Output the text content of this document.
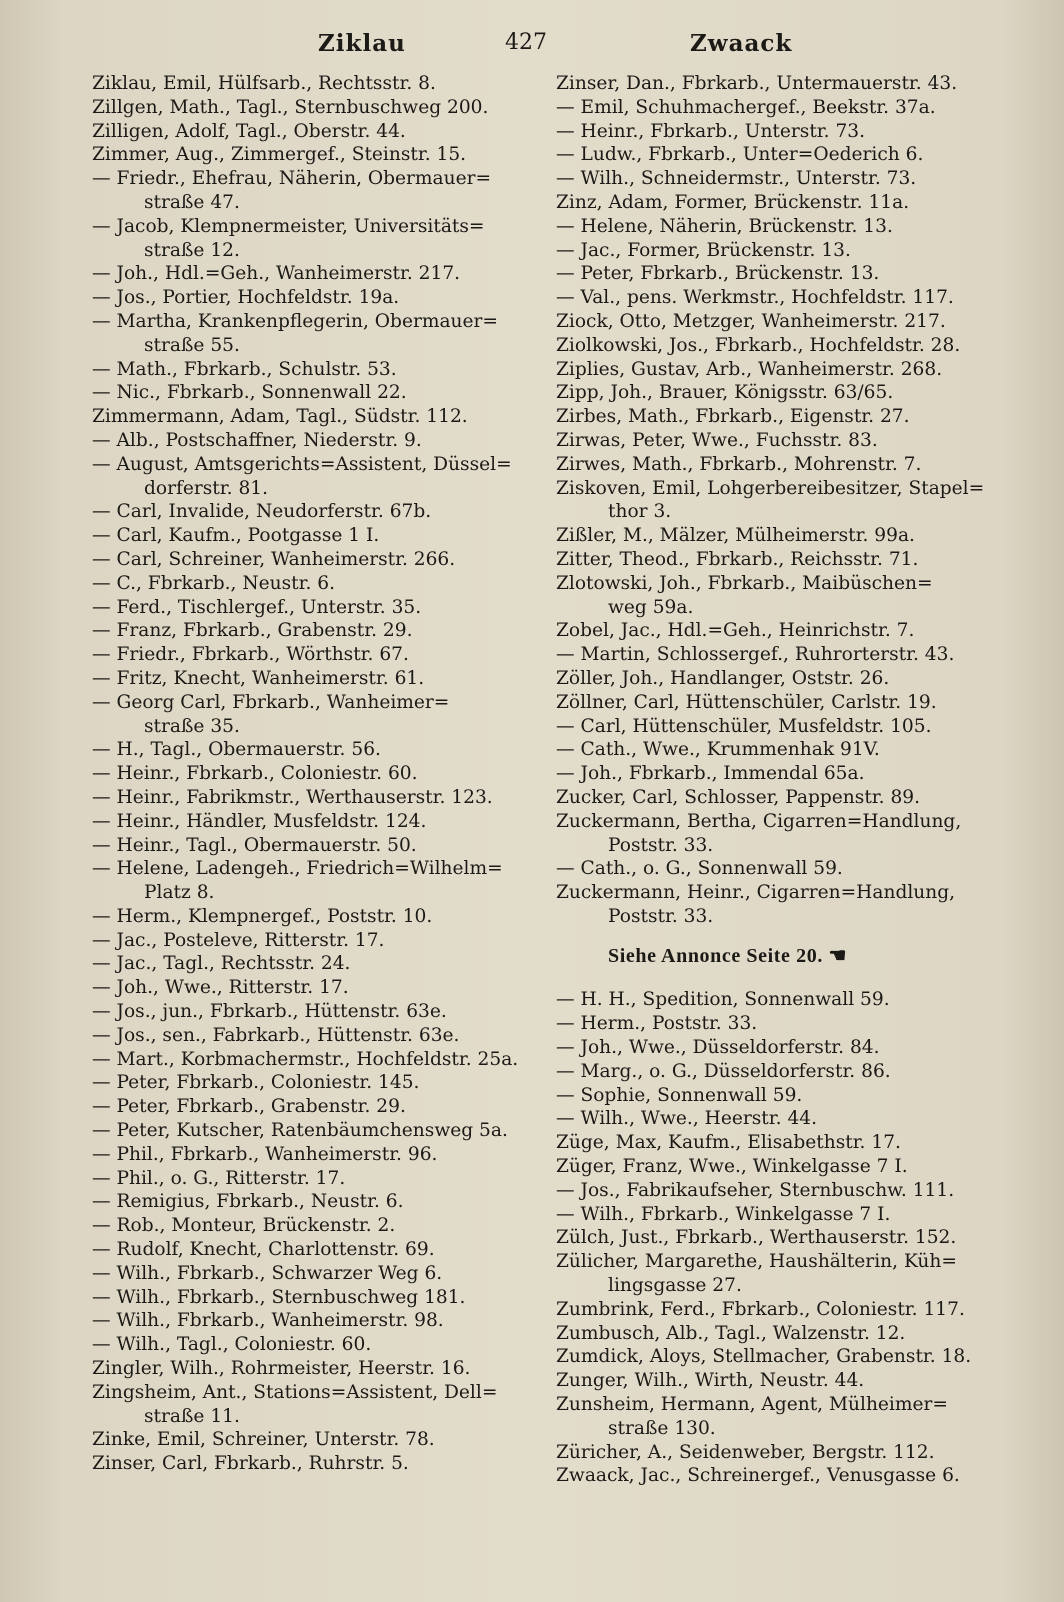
Ziklau	427	Zwaack
Ziklau, Emil, Hülfsarb., Rechtsstr. 8.
Zillgen, Math., Tagl., Sternbuschweg 200.
Zilligen, Adolf, Tagl., Oberstr. 44.
Zimmer, Aug., Zimmergef., Steinstr. 15.
— Friedr., Ehefrau, Näherin, Obermauer=
straße 47.
— Jacob, Klempnermeister, Universitäts=
straße 12.
— Joh., Hdl.=Geh., Wanheimerstr. 217.
— Jos., Portier, Hochfeldstr. 19a.
— Martha, Krankenpflegerin, Obermauer=
straße 55.
— Math., Fbrkarb., Schulstr. 53.
— Nic., Fbrkarb., Sonnenwall 22.
Zimmermann, Adam, Tagl., Südstr. 112.
— Alb., Postschaffner, Niederstr. 9.
— August, Amtsgerichts=Assistent, Düssel=
dorferstr. 81.
— Carl, Invalide, Neudorferstr. 67b.
— Carl, Kaufm., Pootgasse 1 I.
— Carl, Schreiner, Wanheimerstr. 266.
— C., Fbrkarb., Neustr. 6.
— Ferd., Tischlergef., Unterstr. 35.
— Franz, Fbrkarb., Grabenstr. 29.
— Friedr., Fbrkarb., Wörthstr. 67.
— Fritz, Knecht, Wanheimerstr. 61.
— Georg Carl, Fbrkarb., Wanheimer=
straße 35.
— H., Tagl., Obermauerstr. 56.
— Heinr., Fbrkarb., Coloniestr. 60.
— Heinr., Fabrikmstr., Werthauserstr. 123.
— Heinr., Händler, Musfeldstr. 124.
— Heinr., Tagl., Obermauerstr. 50.
— Helene, Ladengeh., Friedrich=Wilhelm=
Platz 8.
— Herm., Klempnergef., Poststr. 10.
— Jac., Posteleve, Ritterstr. 17.
— Jac., Tagl., Rechtsstr. 24.
— Joh., Wwe., Ritterstr. 17.
— Jos., jun., Fbrkarb., Hüttenstr. 63e.
— Jos., sen., Fabrkarb., Hüttenstr. 63e.
— Mart., Korbmachermstr., Hochfeldstr. 25a.
— Peter, Fbrkarb., Coloniestr. 145.
— Peter, Fbrkarb., Grabenstr. 29.
— Peter, Kutscher, Ratenbäumchensweg 5a.
— Phil., Fbrkarb., Wanheimerstr. 96.
— Phil., o. G., Ritterstr. 17.
— Remigius, Fbrkarb., Neustr. 6.
— Rob., Monteur, Brückenstr. 2.
— Rudolf, Knecht, Charlottenstr. 69.
— Wilh., Fbrkarb., Schwarzer Weg 6.
— Wilh., Fbrkarb., Sternbuschweg 181.
— Wilh., Fbrkarb., Wanheimerstr. 98.
— Wilh., Tagl., Coloniestr. 60.
Zingler, Wilh., Rohrmeister, Heerstr. 16.
Zingsheim, Ant., Stations=Assistent, Dell=
straße 11.
Zinke, Emil, Schreiner, Unterstr. 78.
Zinser, Carl, Fbrkarb., Ruhrstr. 5.
Zinser, Dan., Fbrkarb., Untermauerstr. 43.
— Emil, Schuhmachergef., Beekstr. 37a.
— Heinr., Fbrkarb., Unterstr. 73.
— Ludw., Fbrkarb., Unter=Oederich 6.
— Wilh., Schneidermstr., Unterstr. 73.
Zinz, Adam, Former, Brückenstr. 11a.
— Helene, Näherin, Brückenstr. 13.
— Jac., Former, Brückenstr. 13.
— Peter, Fbrkarb., Brückenstr. 13.
— Val., pens. Werkmstr., Hochfeldstr. 117.
Ziock, Otto, Metzger, Wanheimerstr. 217.
Ziolkowski, Jos., Fbrkarb., Hochfeldstr. 28.
Ziplies, Gustav, Arb., Wanheimerstr. 268.
Zipp, Joh., Brauer, Königsstr. 63/65.
Zirbes, Math., Fbrkarb., Eigenstr. 27.
Zirwas, Peter, Wwe., Fuchsstr. 83.
Zirwes, Math., Fbrkarb., Mohrenstr. 7.
Ziskoven, Emil, Lohgerbereibesitzer, Stapel=
thor 3.
Zißler, M., Mälzer, Mülheimerstr. 99a.
Zitter, Theod., Fbrkarb., Reichsstr. 71.
Zlotowski, Joh., Fbrkarb., Maibüschen=
weg 59a.
Zobel, Jac., Hdl.=Geh., Heinrichstr. 7.
— Martin, Schlossergef., Ruhrorterstr. 43.
Zöller, Joh., Handlanger, Oststr. 26.
Zöllner, Carl, Hüttenschüler, Carlstr. 19.
— Carl, Hüttenschüler, Musfeldstr. 105.
— Cath., Wwe., Krummenhak 91V.
— Joh., Fbrkarb., Immendal 65a.
Zucker, Carl, Schlosser, Pappenstr. 89.
Zuckermann, Bertha, Cigarren=Handlung,
Poststr. 33.
— Cath., o. G., Sonnenwall 59.
Zuckermann, Heinr., Cigarren=Handlung,
Poststr. 33.
Siehe Annonce Seite 20. ☚
— H. H., Spedition, Sonnenwall 59.
— Herm., Poststr. 33.
— Joh., Wwe., Düsseldorferstr. 84.
— Marg., o. G., Düsseldorferstr. 86.
— Sophie, Sonnenwall 59.
— Wilh., Wwe., Heerstr. 44.
Züge, Max, Kaufm., Elisabethstr. 17.
Züger, Franz, Wwe., Winkelgasse 7 I.
— Jos., Fabrikaufseher, Sternbuschw. 111.
— Wilh., Fbrkarb., Winkelgasse 7 I.
Zülch, Just., Fbrkarb., Werthauserstr. 152.
Zülicher, Margarethe, Haushälterin, Küh=
lingsgasse 27.
Zumbrink, Ferd., Fbrkarb., Coloniestr. 117.
Zumbusch, Alb., Tagl., Walzenstr. 12.
Zumdick, Aloys, Stellmacher, Grabenstr. 18.
Zunger, Wilh., Wirth, Neustr. 44.
Zunsheim, Hermann, Agent, Mülheimer=
straße 130.
Züricher, A., Seidenweber, Bergstr. 112.
Zwaack, Jac., Schreinergef., Venusgasse 6.
